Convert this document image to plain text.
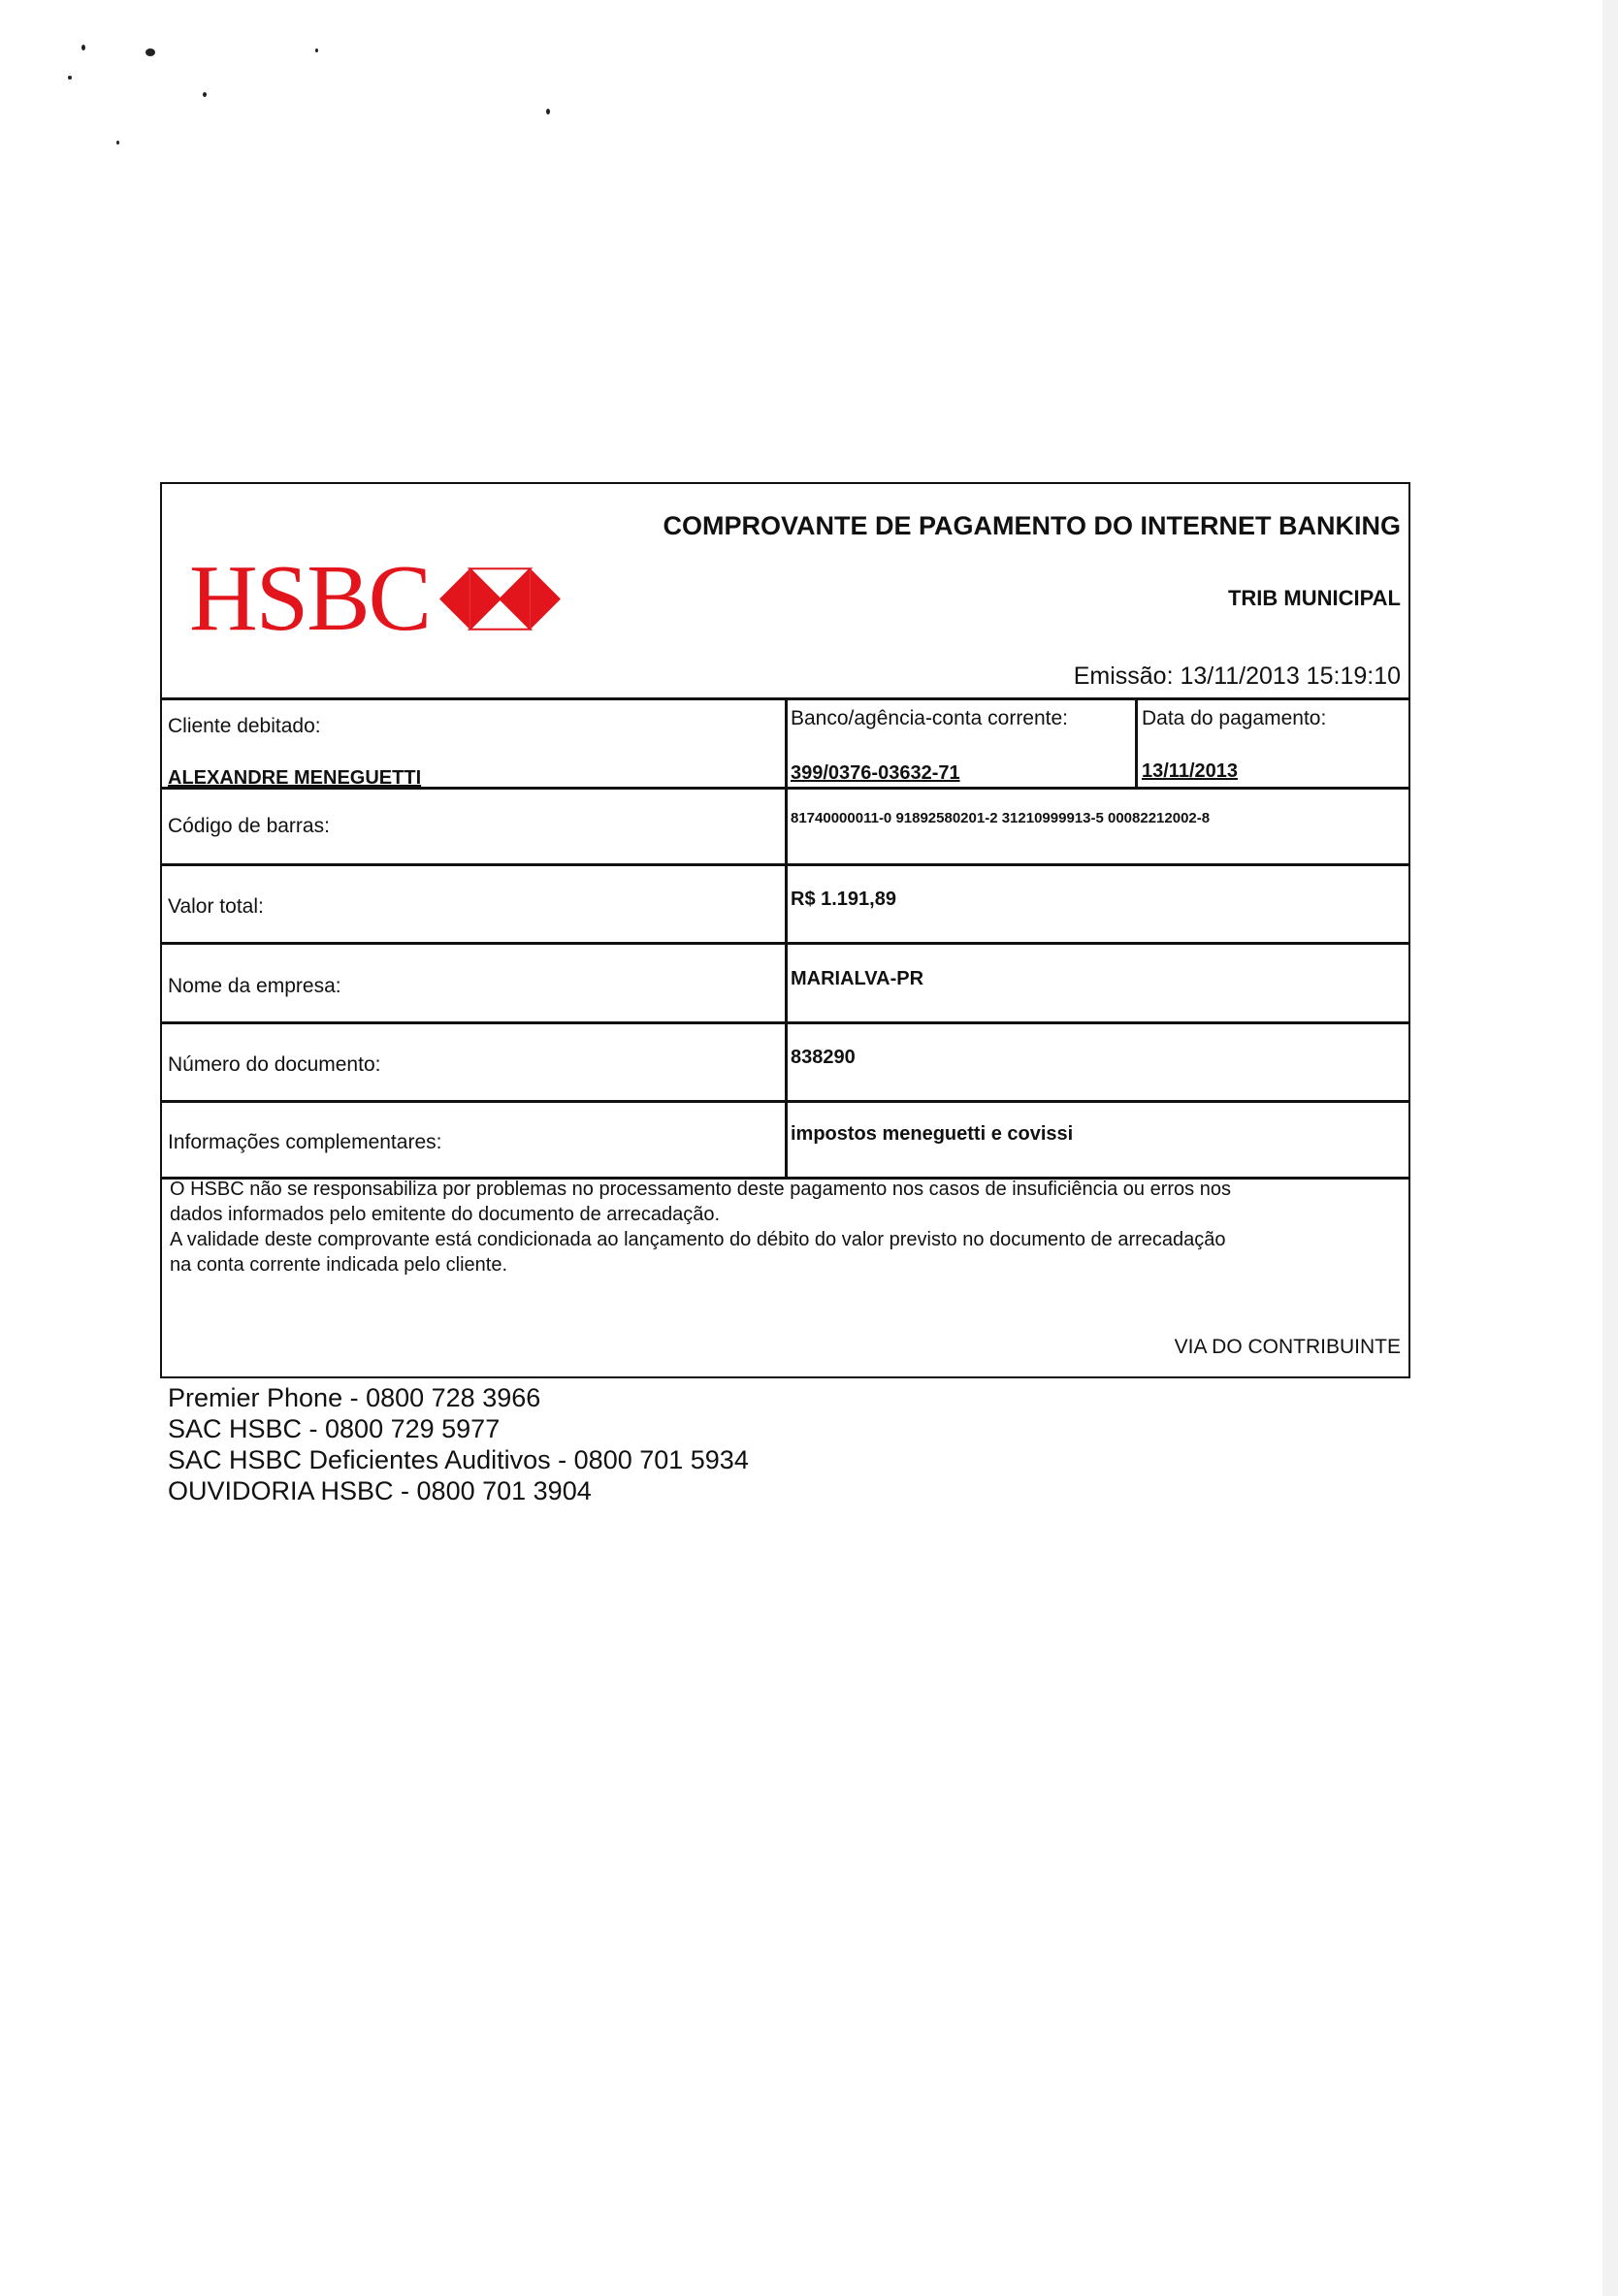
HSBC
COMPROVANTE DE PAGAMENTO DO INTERNET BANKING
TRIB MUNICIPAL
Emissão: 13/11/2013 15:19:10
Cliente debitado:
ALEXANDRE MENEGUETTI
Banco/agência-conta corrente:
399/0376-03632-71
Data do pagamento:
13/11/2013
Código de barras:	81740000011-0 91892580201-2 31210999913-5 00082212002-8
Valor total:	R$ 1.191,89
Nome da empresa:	MARIALVA-PR
Número do documento:	838290
Informações complementares:	impostos meneguetti e covissi

O HSBC não se responsabiliza por problemas no processamento deste pagamento nos casos de insuficiência ou erros nos

dados informados pelo emitente do documento de arrecadação.

A validade deste comprovante está condicionada ao lançamento do débito do valor previsto no documento de arrecadação

na conta corrente indicada pelo cliente.

VIA DO CONTRIBUINTE
Premier Phone - 0800 728 3966
SAC HSBC - 0800 729 5977
SAC HSBC Deficientes Auditivos - 0800 701 5934
OUVIDORIA HSBC - 0800 701 3904
